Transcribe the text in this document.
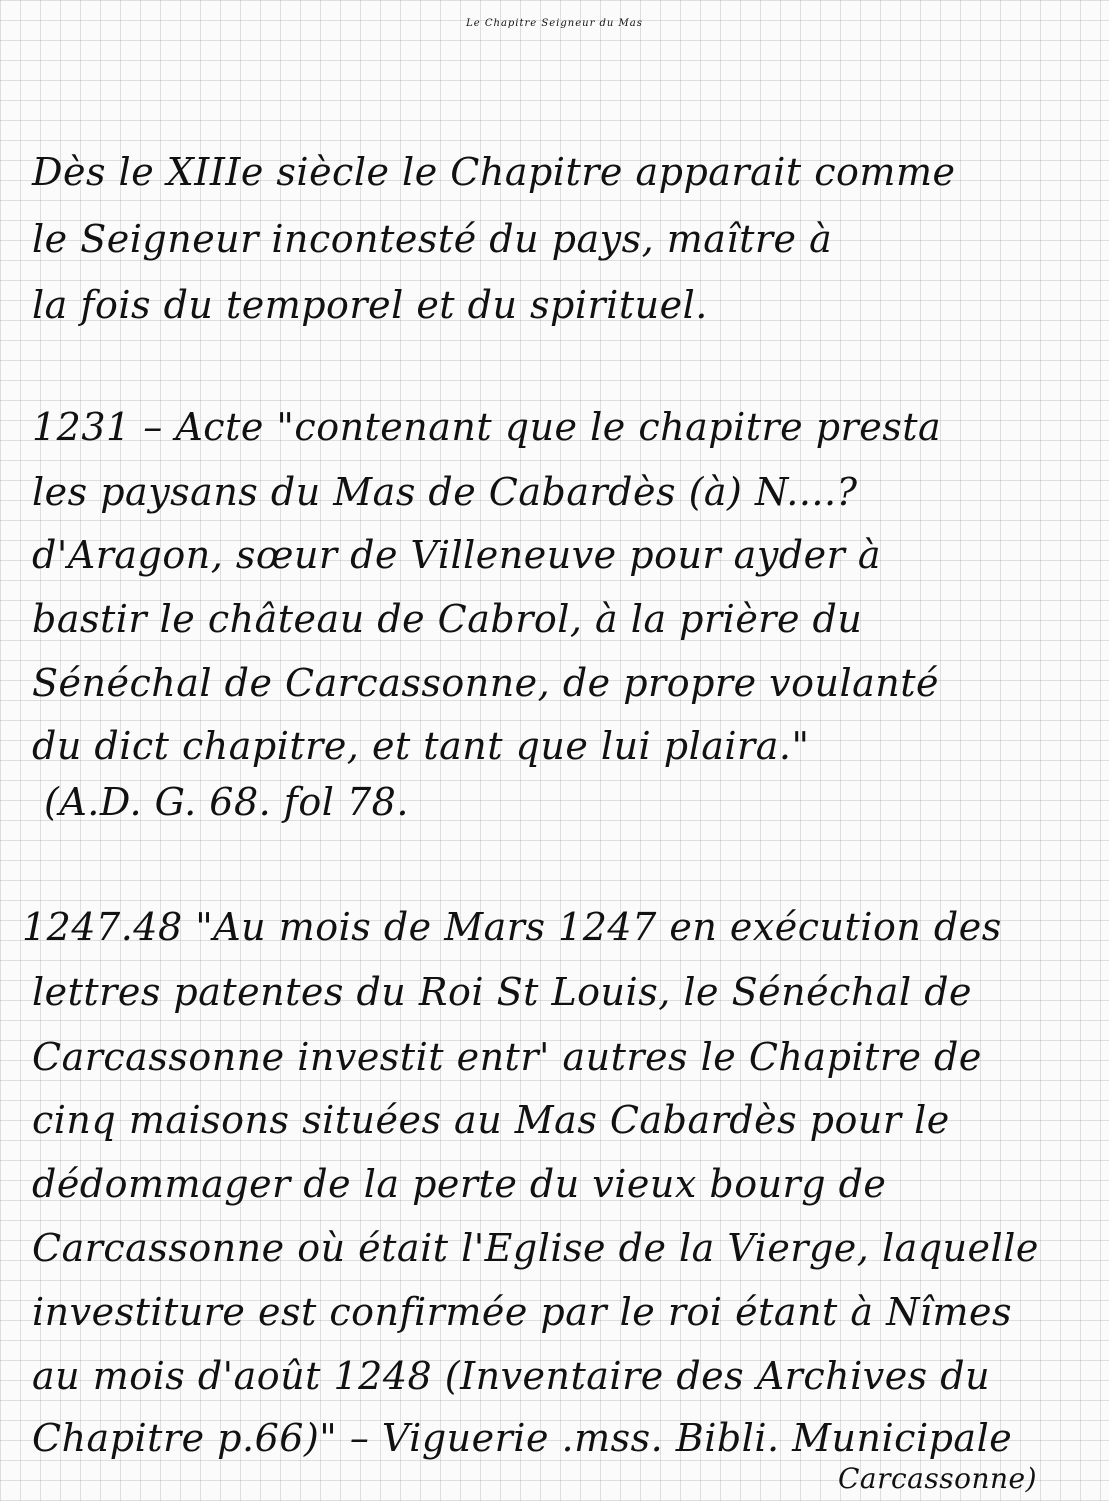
Le Chapitre Seigneur du Mas
Dès le XIIIe siècle le Chapitre apparait comme
le Seigneur incontesté du pays, maître à
la fois du temporel et du spirituel.
1231 – Acte "contenant que le chapitre presta
les paysans du Mas de Cabardès (à) N....?
d'Aragon, sœur de Villeneuve pour ayder à
bastir le château de Cabrol, à la prière du
Sénéchal de Carcassonne, de propre voulanté
du dict chapitre, et tant que lui plaira."
(A.D. G. 68. fol 78.
1247.48 "Au mois de Mars 1247 en exécution des
lettres patentes du Roi St Louis, le Sénéchal de
Carcassonne investit entr' autres le Chapitre de
cinq maisons situées au Mas Cabardès pour le
dédommager de la perte du vieux bourg de
Carcassonne où était l'Eglise de la Vierge, laquelle
investiture est confirmée par le roi étant à Nîmes
au mois d'août 1248 (Inventaire des Archives du
Chapitre p.66)" – Viguerie .mss. Bibli. Municipale
Carcassonne)
